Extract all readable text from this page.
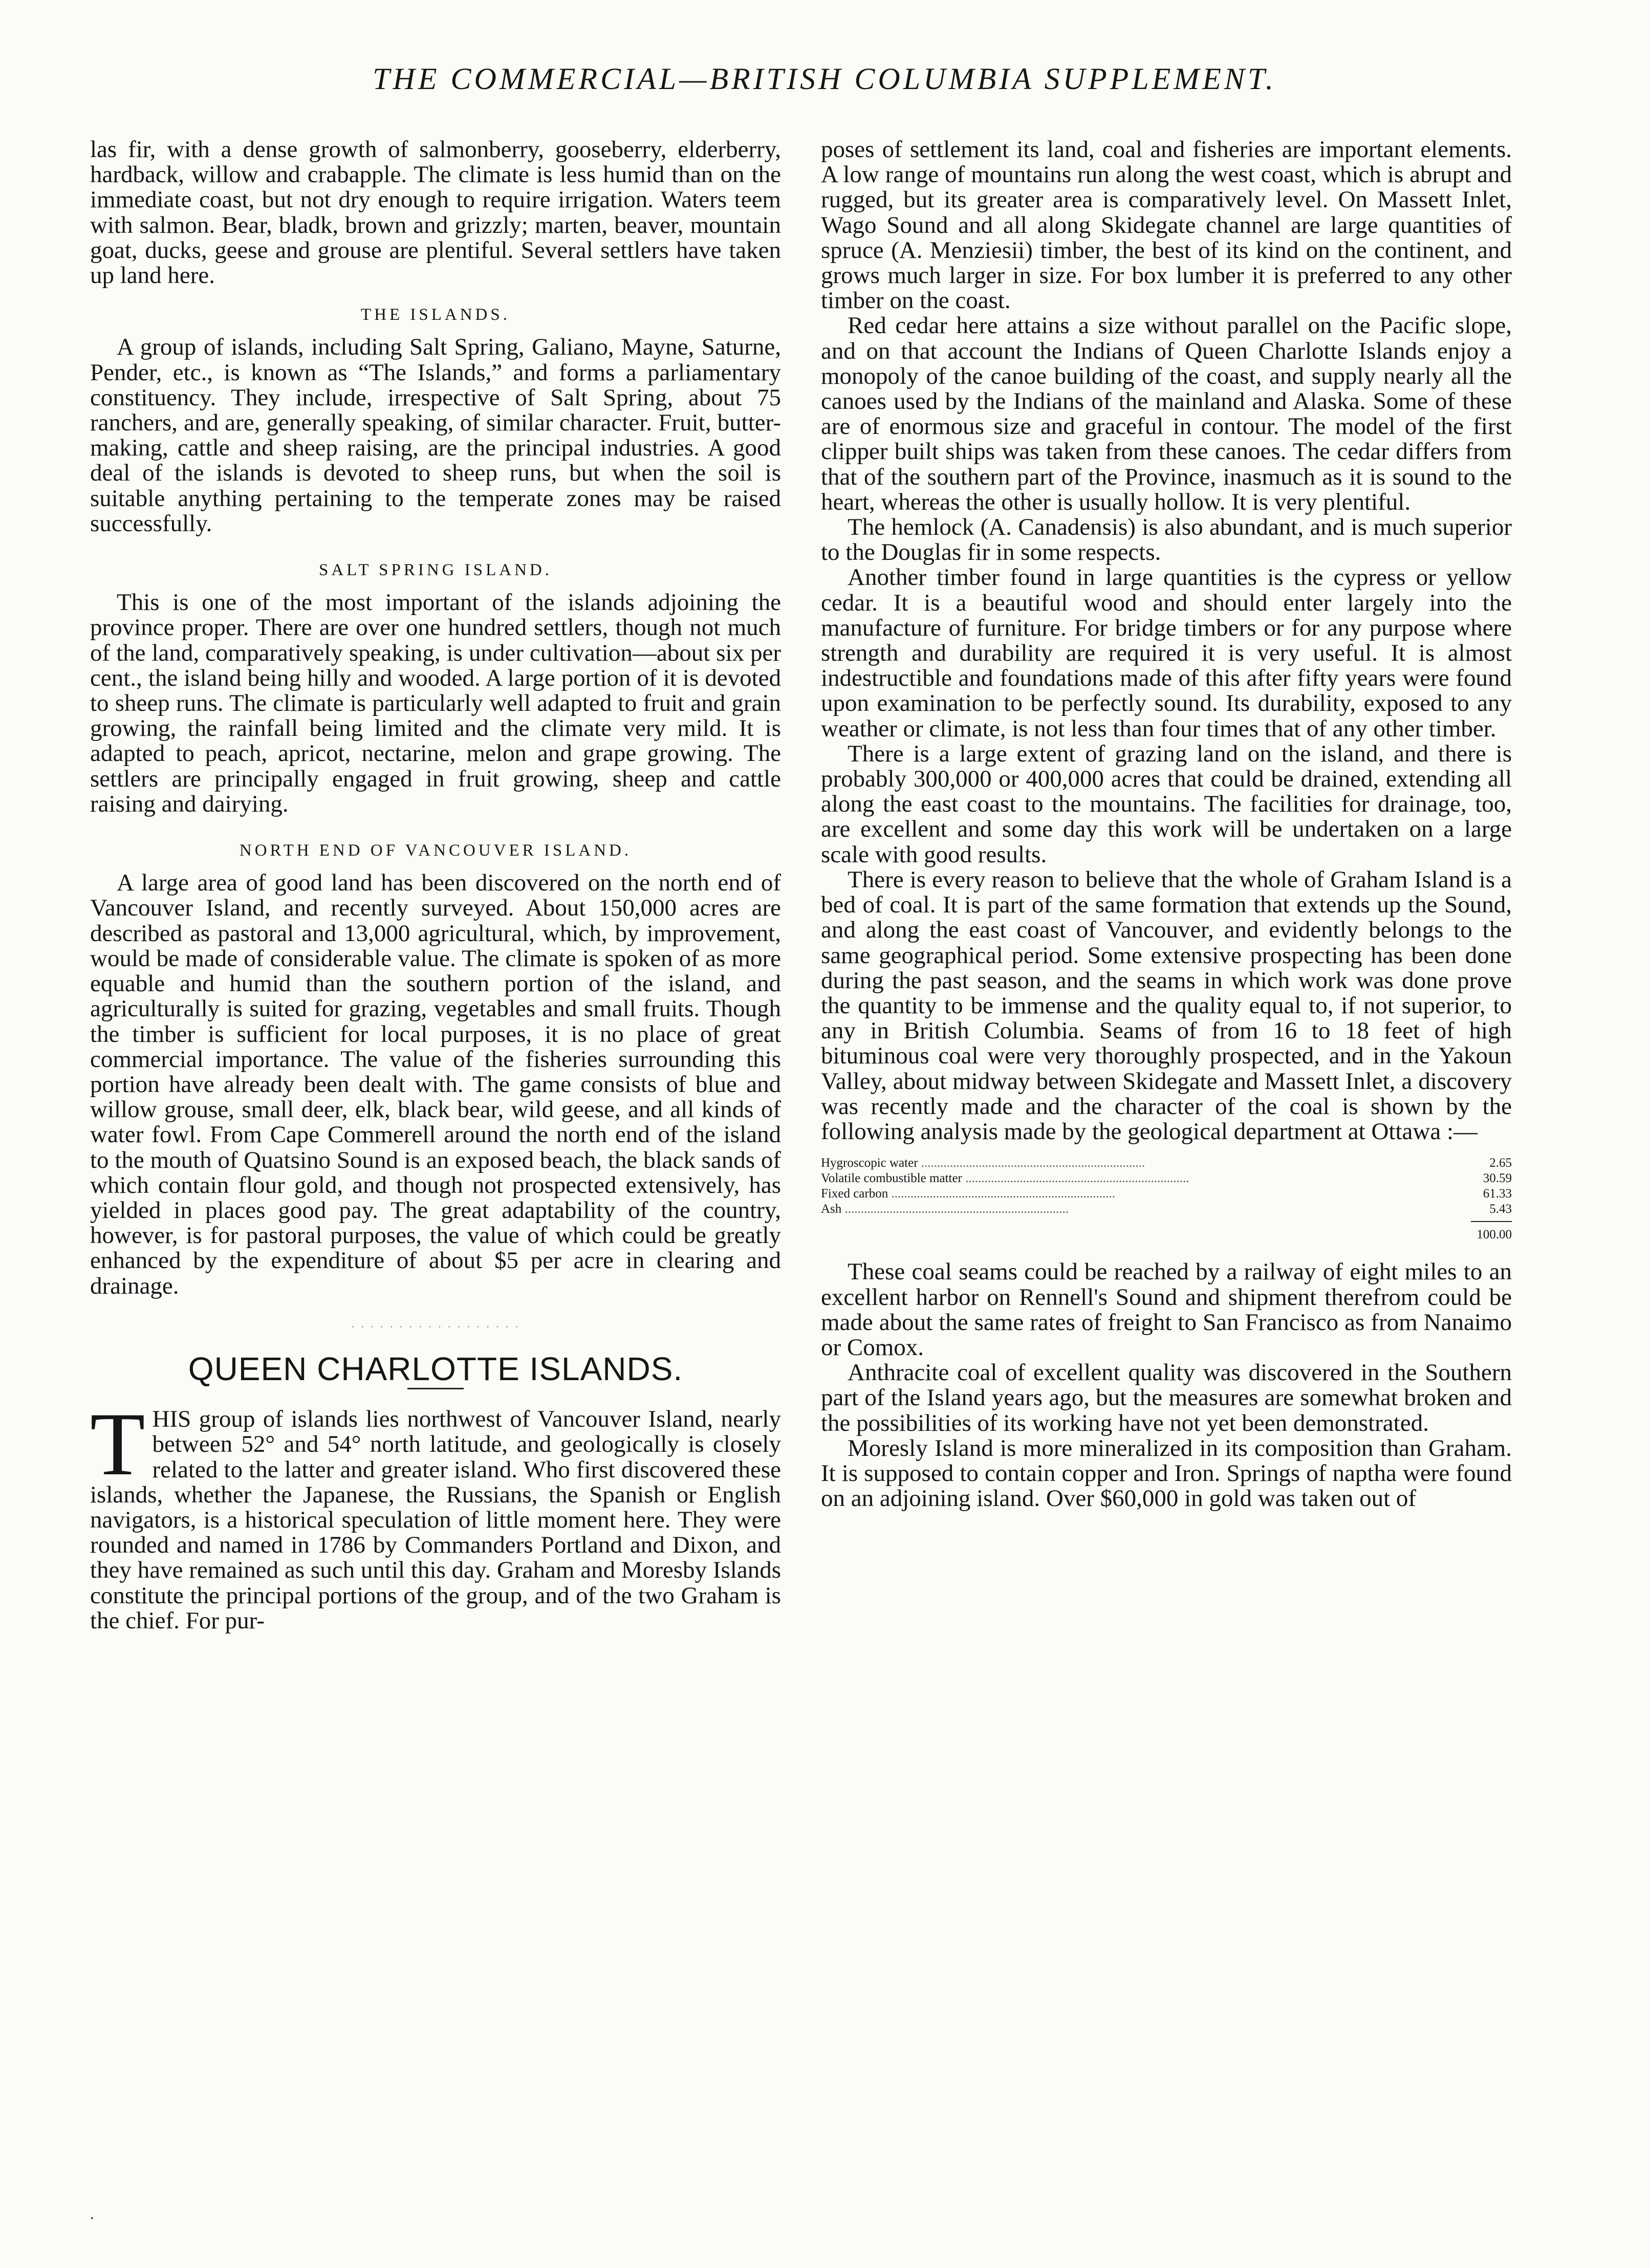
THE COMMERCIAL—BRITISH COLUMBIA SUPPLEMENT.

las fir, with a dense growth of salmonberry, gooseberry, elderberry, hardback, willow and crabapple. The climate is less humid than on the immediate coast, but not dry enough to require irrigation. Waters teem with salmon. Bear, bladk, brown and grizzly; marten, beaver, mountain goat, ducks, geese and grouse are plentiful. Several settlers have taken up land here.

THE ISLANDS.

A group of islands, including Salt Spring, Galiano, Mayne, Saturne, Pender, etc., is known as “The Islands,” and forms a parliamentary constituency. They include, irrespective of Salt Spring, about 75 ranchers, and are, generally speaking, of similar character. Fruit, butter-making, cattle and sheep raising, are the principal industries. A good deal of the islands is devoted to sheep runs, but when the soil is suitable anything pertaining to the temperate zones may be raised successfully.

SALT SPRING ISLAND.

This is one of the most important of the islands adjoining the province proper. There are over one hundred settlers, though not much of the land, comparatively speaking, is under cultivation—about six per cent., the island being hilly and wooded. A large portion of it is devoted to sheep runs. The climate is particularly well adapted to fruit and grain growing, the rainfall being limited and the climate very mild. It is adapted to peach, apricot, nectarine, melon and grape growing. The settlers are principally engaged in fruit growing, sheep and cattle raising and dairying.

NORTH END OF VANCOUVER ISLAND.

A large area of good land has been discovered on the north end of Vancouver Island, and recently surveyed. About 150,000 acres are described as pastoral and 13,000 agricultural, which, by improvement, would be made of considerable value. The climate is spoken of as more equable and humid than the southern portion of the island, and agriculturally is suited for grazing, vegetables and small fruits. Though the timber is sufficient for local purposes, it is no place of great commercial importance. The value of the fisheries surrounding this portion have already been dealt with. The game consists of blue and willow grouse, small deer, elk, black bear, wild geese, and all kinds of water fowl. From Cape Commerell around the north end of the island to the mouth of Quatsino Sound is an exposed beach, the black sands of which contain flour gold, and though not prospected extensively, has yielded in places good pay. The great adaptability of the country, however, is for pastoral purposes, the value of which could be greatly enhanced by the expenditure of about $5 per acre in clearing and drainage.

· · · · · · · · · · · · · · · · · ·
QUEEN CHARLOTTE ISLANDS.

THIS group of islands lies northwest of Vancouver Island, nearly between 52° and 54° north latitude, and geologically is closely related to the latter and greater island. Who first discovered these islands, whether the Japanese, the Russians, the Spanish or English navigators, is a historical speculation of little moment here. They were rounded and named in 1786 by Commanders Portland and Dixon, and they have remained as such until this day. Graham and Moresby Islands constitute the principal portions of the group, and of the two Graham is the chief. For pur-

poses of settlement its land, coal and fisheries are important elements. A low range of mountains run along the west coast, which is abrupt and rugged, but its greater area is comparatively level. On Massett Inlet, Wago Sound and all along Skidegate channel are large quantities of spruce (A. Menziesii) timber, the best of its kind on the continent, and grows much larger in size. For box lumber it is preferred to any other timber on the coast.

Red cedar here attains a size without parallel on the Pacific slope, and on that account the Indians of Queen Charlotte Islands enjoy a monopoly of the canoe building of the coast, and supply nearly all the canoes used by the Indians of the mainland and Alaska. Some of these are of enormous size and graceful in contour. The model of the first clipper built ships was taken from these canoes. The cedar differs from that of the southern part of the Province, inasmuch as it is sound to the heart, whereas the other is usually hollow. It is very plentiful.

The hemlock (A. Canadensis) is also abundant, and is much superior to the Douglas fir in some respects.

Another timber found in large quantities is the cypress or yellow cedar. It is a beautiful wood and should enter largely into the manufacture of furniture. For bridge timbers or for any purpose where strength and durability are required it is very useful. It is almost indestructible and foundations made of this after fifty years were found upon examination to be perfectly sound. Its durability, exposed to any weather or climate, is not less than four times that of any other timber.

There is a large extent of grazing land on the island, and there is probably 300,000 or 400,000 acres that could be drained, extending all along the east coast to the mountains. The facilities for drainage, too, are excellent and some day this work will be undertaken on a large scale with good results.

There is every reason to believe that the whole of Graham Island is a bed of coal. It is part of the same formation that extends up the Sound, and along the east coast of Vancouver, and evidently belongs to the same geographical period. Some extensive prospecting has been done during the past season, and the seams in which work was done prove the quantity to be immense and the quality equal to, if not superior, to any in British Columbia. Seams of from 16 to 18 feet of high bituminous coal were very thoroughly prospected, and in the Yakoun Valley, about midway between Skidegate and Massett Inlet, a discovery was recently made and the character of the coal is shown by the following analysis made by the geological department at Ottawa :—

Hygroscopic water ......................................................................	2.65
Volatile combustible matter ......................................................................	30.59
Fixed carbon ......................................................................	61.33
Ash ......................................................................	5.43
100.00

These coal seams could be reached by a railway of eight miles to an excellent harbor on Rennell's Sound and shipment therefrom could be made about the same rates of freight to San Francisco as from Nanaimo or Comox.

Anthracite coal of excellent quality was discovered in the Southern part of the Island years ago, but the measures are somewhat broken and the possibilities of its working have not yet been demonstrated.

Moresly Island is more mineralized in its composition than Graham. It is supposed to contain copper and Iron. Springs of naptha were found on an adjoining island. Over $60,000 in gold was taken out of

.
